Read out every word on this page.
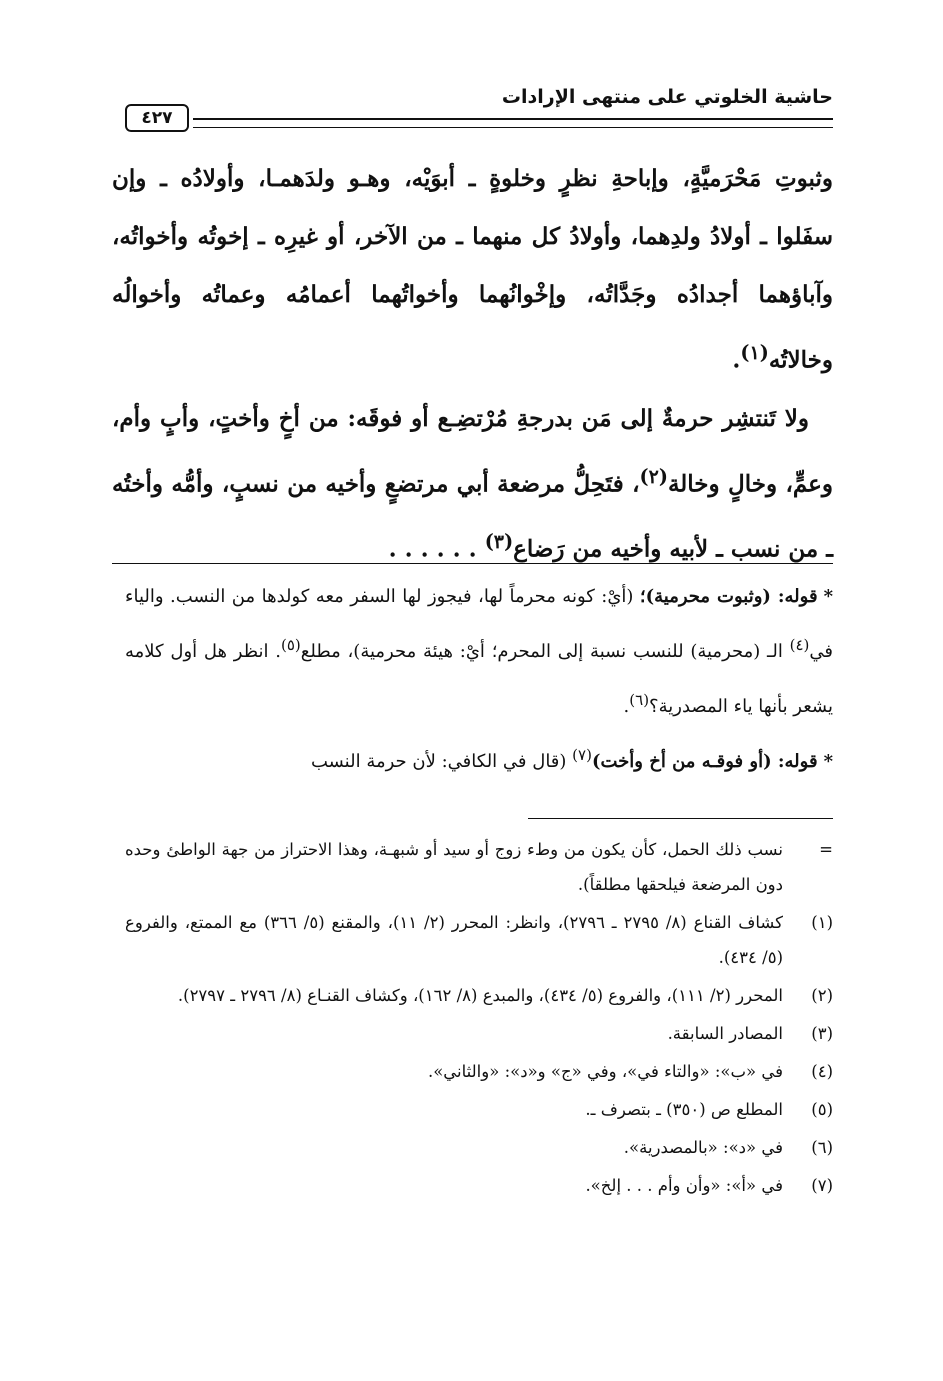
حاشية الخلوتي على منتهى الإرادات
٤٢٧

وثبوتِ مَحْرَميَّةٍ، وإباحةِ نظرٍ وخلوةٍ ـ أبوَيْه، وهـو ولدَهمـا، وأولادُه ـ وإن سفَلوا ـ أولادُ ولدِهما، وأولادُ كل منهما ـ من الآخر، أو غيرِه ـ إخوتُه وأخواتُه، وآباؤهما أجدادُه وجَدَّاتُه، وإخْوانُهما وأخواتُهما أعمامُه وعماتُه وأخوالُه وخالاتُه$^{(١)}$.

ولا تَنتشِر حرمةٌ إلى مَن بدرجةِ مُرْتضِـع أو فوقَه: من أخٍ وأختٍ، وأبٍ وأم، وعمٍّ، وخالٍ وخالة$^{(٢)}$، فتَحِلُّ مرضعة أبي مرتضعٍ وأخيه من نسبٍ، وأمُّه وأختُه ـ من نسب ـ لأبيه وأخيه من رَضاع$^{(٣)}$ . . . . . .

*قوله: (وثبوت محرمية)؛ (أيْ: كونه محرماً لها، فيجوز لها السفر معه كولدها من النسب. والياء في$^{(٤)}$ الـ (محرمية) للنسب نسبة إلى المحرم؛ أيْ: هيئة محرمية)، مطلع$^{(٥)}$. انظر هل أول كلامه يشعر بأنها ياء المصدرية؟$^{(٦)}$.

*قوله: (أو فوقـه من أخ وأخت)$^{(٧)}$ (قال في الكافي: لأن حرمة النسب

=
نسب ذلك الحمل، كأن يكون من وطء زوج أو سيد أو شبهـة، وهذا الاحتراز من جهة الواطئ وحده دون المرضعة فيلحقها مطلقاً).
(١)
كشاف القناع (٨/ ٢٧٩٥ ـ ٢٧٩٦)، وانظر: المحرر (٢/ ١١)، والمقنع (٥/ ٣٦٦) مع الممتع، والفروع (٥/ ٤٣٤).
(٢)
المحرر (٢/ ١١١)، والفروع (٥/ ٤٣٤)، والمبدع (٨/ ١٦٢)، وكشاف القنـاع (٨/ ٢٧٩٦ ـ ٢٧٩٧).
(٣)
المصادر السابقة.
(٤)
في «ب»: «والتاء في»، وفي «ج» و«د»: «والثاني».
(٥)
المطلع ص (٣٥٠) ـ بتصرف ـ.
(٦)
في «د»: «بالمصدرية».
(٧)
في «أ»: «وأن وأم . . . إلخ».
